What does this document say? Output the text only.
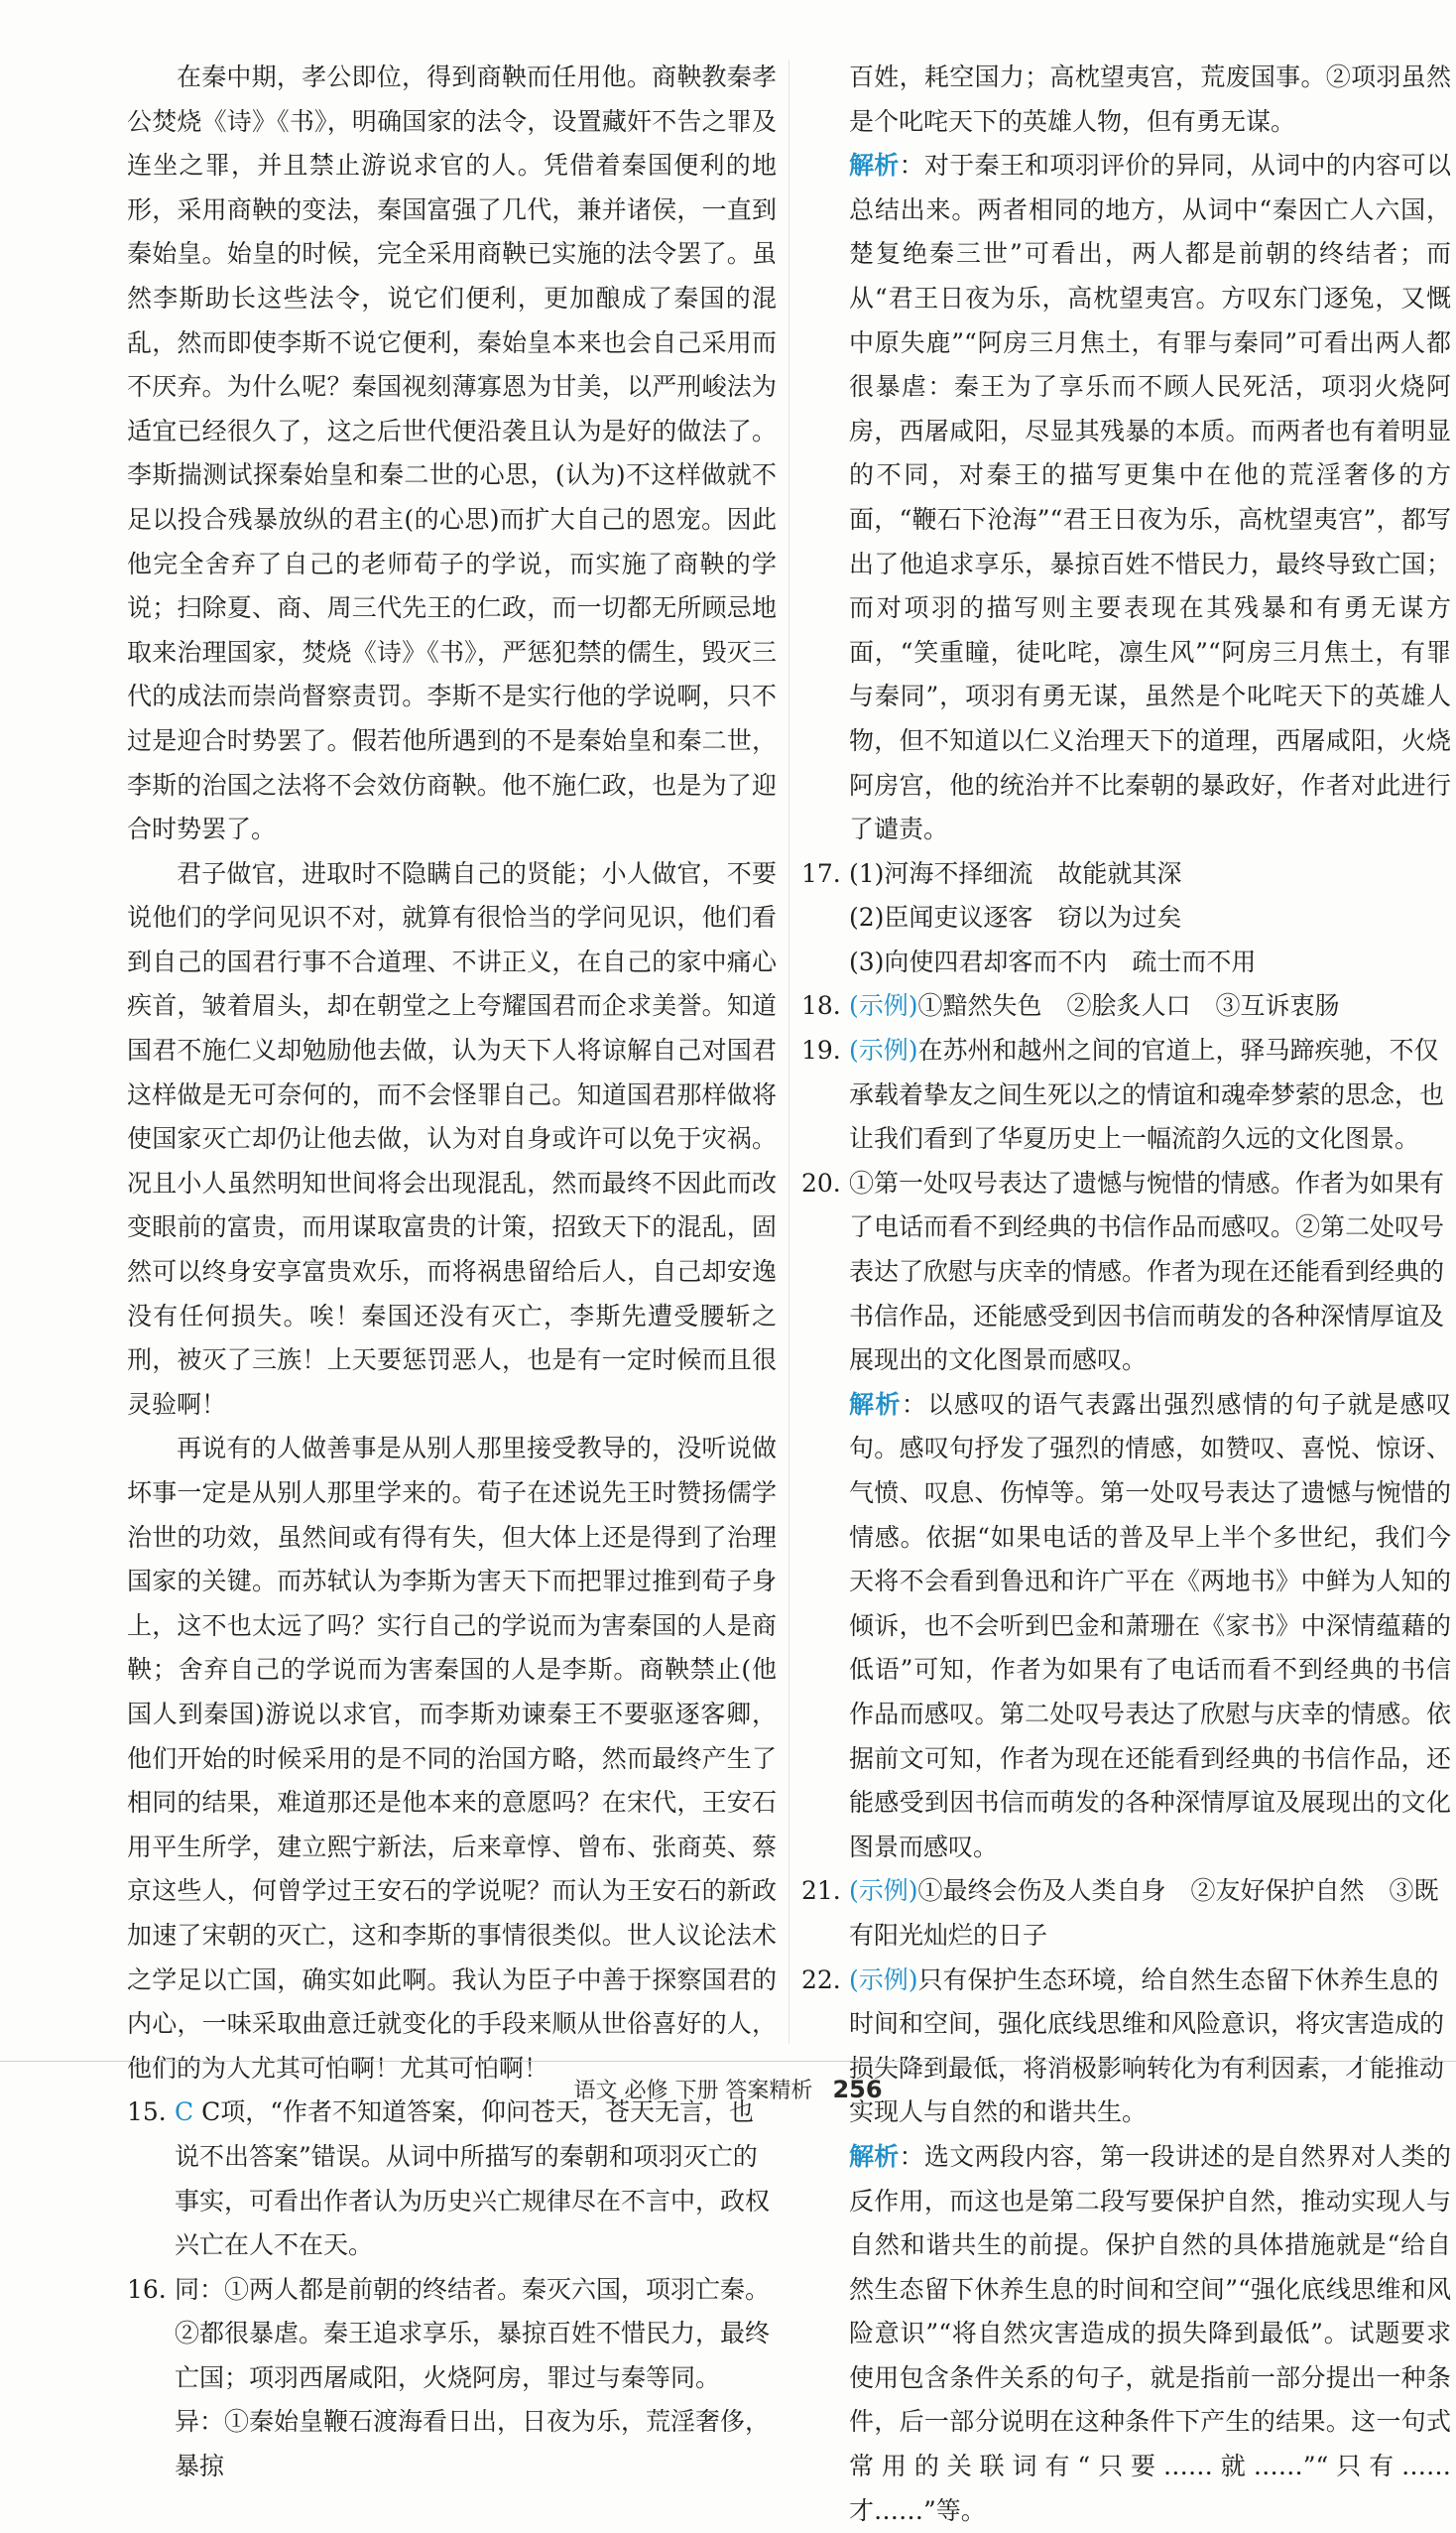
在秦中期，孝公即位，得到商鞅而任用他。商鞅教秦孝公焚烧《诗》《书》，明确国家的法令，设置藏奸不告之罪及连坐之罪，并且禁止游说求官的人。凭借着秦国便利的地形，采用商鞅的变法，秦国富强了几代，兼并诸侯，一直到秦始皇。始皇的时候，完全采用商鞅已实施的法令罢了。虽然李斯助长这些法令，说它们便利，更加酿成了秦国的混乱，然而即使李斯不说它便利，秦始皇本来也会自己采用而不厌弃。为什么呢？秦国视刻薄寡恩为甘美，以严刑峻法为适宜已经很久了，这之后世代便沿袭且认为是好的做法了。李斯揣测试探秦始皇和秦二世的心思，(认为)不这样做就不足以投合残暴放纵的君主(的心思)而扩大自己的恩宠。因此他完全舍弃了自己的老师荀子的学说，而实施了商鞅的学说；扫除夏、商、周三代先王的仁政，而一切都无所顾忌地取来治理国家，焚烧《诗》《书》，严惩犯禁的儒生，毁灭三代的成法而崇尚督察责罚。李斯不是实行他的学说啊，只不过是迎合时势罢了。假若他所遇到的不是秦始皇和秦二世，李斯的治国之法将不会效仿商鞅。他不施仁政，也是为了迎合时势罢了。

君子做官，进取时不隐瞒自己的贤能；小人做官，不要说他们的学问见识不对，就算有很恰当的学问见识，他们看到自己的国君行事不合道理、不讲正义，在自己的家中痛心疾首，皱着眉头，却在朝堂之上夸耀国君而企求美誉。知道国君不施仁义却勉励他去做，认为天下人将谅解自己对国君这样做是无可奈何的，而不会怪罪自己。知道国君那样做将使国家灭亡却仍让他去做，认为对自身或许可以免于灾祸。况且小人虽然明知世间将会出现混乱，然而最终不因此而改变眼前的富贵，而用谋取富贵的计策，招致天下的混乱，固然可以终身安享富贵欢乐，而将祸患留给后人，自己却安逸没有任何损失。唉！秦国还没有灭亡，李斯先遭受腰斩之刑，被灭了三族！上天要惩罚恶人，也是有一定时候而且很灵验啊！

再说有的人做善事是从别人那里接受教导的，没听说做坏事一定是从别人那里学来的。荀子在述说先王时赞扬儒学治世的功效，虽然间或有得有失，但大体上还是得到了治理国家的关键。而苏轼认为李斯为害天下而把罪过推到荀子身上，这不也太远了吗？实行自己的学说而为害秦国的人是商鞅；舍弃自己的学说而为害秦国的人是李斯。商鞅禁止(他国人到秦国)游说以求官，而李斯劝谏秦王不要驱逐客卿，他们开始的时候采用的是不同的治国方略，然而最终产生了相同的结果，难道那还是他本来的意愿吗？在宋代，王安石用平生所学，建立熙宁新法，后来章惇、曾布、张商英、蔡京这些人，何曾学过王安石的学说呢？而认为王安石的新政加速了宋朝的灭亡，这和李斯的事情很类似。世人议论法术之学足以亡国，确实如此啊。我认为臣子中善于探察国君的内心，一味采取曲意迁就变化的手段来顺从世俗喜好的人，他们的为人尤其可怕啊！尤其可怕啊！

15. C C项，“作者不知道答案，仰问苍天，苍天无言，也说不出答案”错误。从词中所描写的秦朝和项羽灭亡的事实，可看出作者认为历史兴亡规律尽在不言中，政权兴亡在人不在天。
16. 同：①两人都是前朝的终结者。秦灭六国，项羽亡秦。②都很暴虐。秦王追求享乐，暴掠百姓不惜民力，最终亡国；项羽西屠咸阳，火烧阿房，罪过与秦等同。
异：①秦始皇鞭石渡海看日出，日夜为乐，荒淫奢侈，暴掠

百姓，耗空国力；高枕望夷宫，荒废国事。②项羽虽然是个叱咤天下的英雄人物，但有勇无谋。

解析：对于秦王和项羽评价的异同，从词中的内容可以总结出来。两者相同的地方，从词中“秦因亡人六国，楚复绝秦三世”可看出，两人都是前朝的终结者；而从“君王日夜为乐，高枕望夷宫。方叹东门逐兔，又慨中原失鹿”“阿房三月焦土，有罪与秦同”可看出两人都很暴虐：秦王为了享乐而不顾人民死活，项羽火烧阿房，西屠咸阳，尽显其残暴的本质。而两者也有着明显的不同，对秦王的描写更集中在他的荒淫奢侈的方面，“鞭石下沧海”“君王日夜为乐，高枕望夷宫”，都写出了他追求享乐，暴掠百姓不惜民力，最终导致亡国；而对项羽的描写则主要表现在其残暴和有勇无谋方面，“笑重瞳，徒叱咤，凛生风”“阿房三月焦土，有罪与秦同”，项羽有勇无谋，虽然是个叱咤天下的英雄人物，但不知道以仁义治理天下的道理，西屠咸阳，火烧阿房宫，他的统治并不比秦朝的暴政好，作者对此进行了谴责。

17. (1)河海不择细流　故能就其深
(2)臣闻吏议逐客　窃以为过矣
(3)向使四君却客而不内　疏士而不用
18. (示例)①黯然失色　②脍炙人口　③互诉衷肠
19. (示例)在苏州和越州之间的官道上，驿马蹄疾驰，不仅承载着挚友之间生死以之的情谊和魂牵梦萦的思念，也让我们看到了华夏历史上一幅流韵久远的文化图景。
20. ①第一处叹号表达了遗憾与惋惜的情感。作者为如果有了电话而看不到经典的书信作品而感叹。②第二处叹号表达了欣慰与庆幸的情感。作者为现在还能看到经典的书信作品，还能感受到因书信而萌发的各种深情厚谊及展现出的文化图景而感叹。

解析：以感叹的语气表露出强烈感情的句子就是感叹句。感叹句抒发了强烈的情感，如赞叹、喜悦、惊讶、气愤、叹息、伤悼等。第一处叹号表达了遗憾与惋惜的情感。依据“如果电话的普及早上半个多世纪，我们今天将不会看到鲁迅和许广平在《两地书》中鲜为人知的倾诉，也不会听到巴金和萧珊在《家书》中深情蕴藉的低语”可知，作者为如果有了电话而看不到经典的书信作品而感叹。第二处叹号表达了欣慰与庆幸的情感。依据前文可知，作者为现在还能看到经典的书信作品，还能感受到因书信而萌发的各种深情厚谊及展现出的文化图景而感叹。

21. (示例)①最终会伤及人类自身　②友好保护自然　③既有阳光灿烂的日子
22. (示例)只有保护生态环境，给自然生态留下休养生息的时间和空间，强化底线思维和风险意识，将灾害造成的损失降到最低，将消极影响转化为有利因素，才能推动实现人与自然的和谐共生。

解析：选文两段内容，第一段讲述的是自然界对人类的反作用，而这也是第二段写要保护自然，推动实现人与自然和谐共生的前提。保护自然的具体措施就是“给自然生态留下休养生息的时间和空间”“强化底线思维和风险意识”“将自然灾害造成的损失降到最低”。试题要求使用包含条件关系的句子，就是指前一部分提出一种条件，后一部分说明在这种条件下产生的结果。这一句式常用的关联词有“只要……就……”“只有……才……”等。

语文 必修 下册 答案精析 256
